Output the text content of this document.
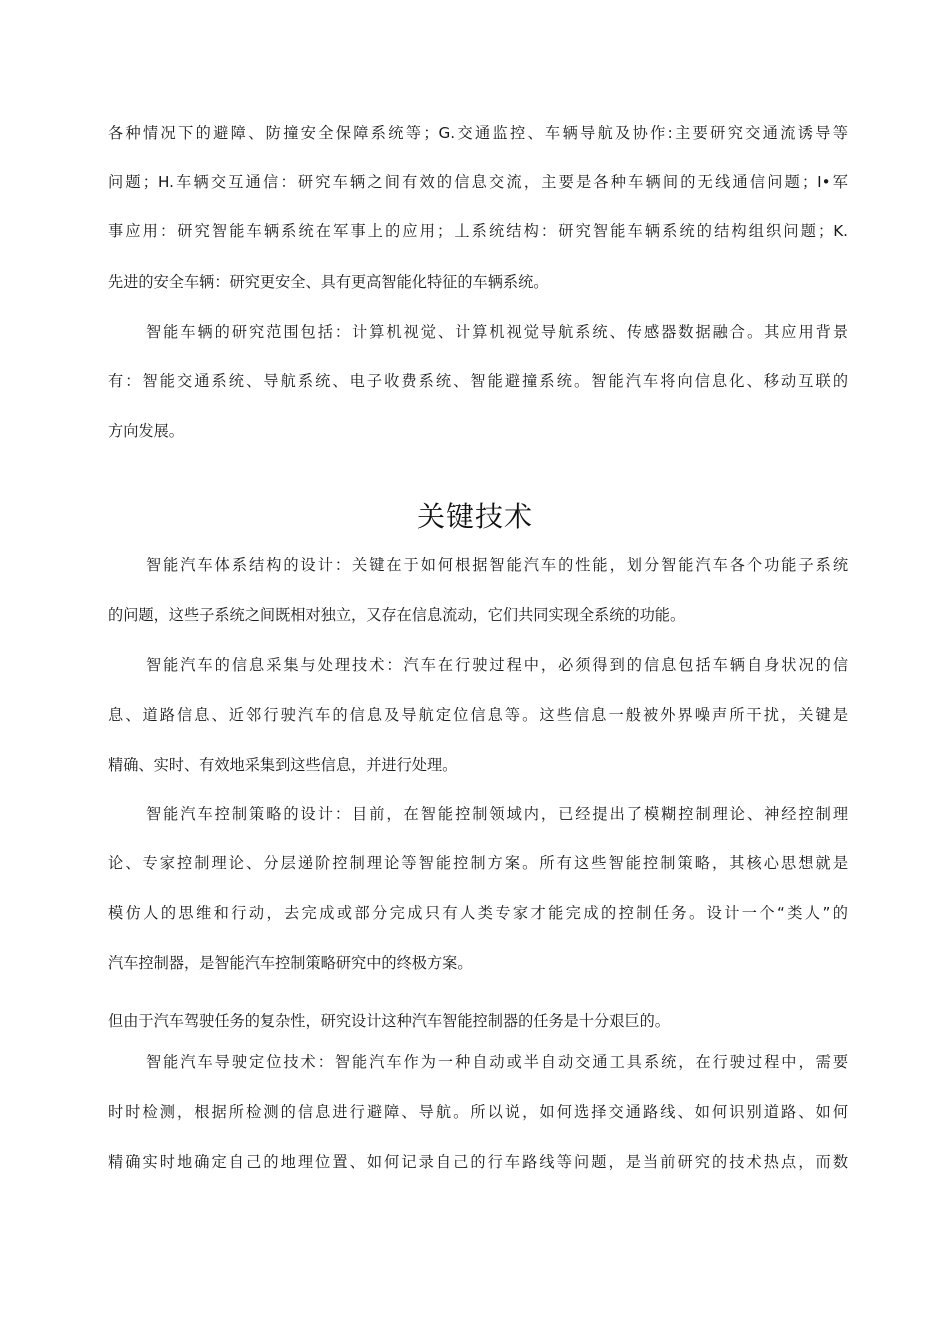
各种情况下的避障、防撞安全保障系统等；G.交通监控、车辆导航及协作:主要研究交通流诱导等
问题；H.车辆交互通信：研究车辆之间有效的信息交流，主要是各种车辆间的无线通信问题；I•军
事应用：研究智能车辆系统在军事上的应用；丄系统结构：研究智能车辆系统的结构组织问题；K.
先进的安全车辆：研究更安全、具有更高智能化特征的车辆系统。
智能车辆的研究范围包括：计算机视觉、计算机视觉导航系统、传感器数据融合。其应用背景
有：智能交通系统、导航系统、电子收费系统、智能避撞系统。智能汽车将向信息化、移动互联的
方向发展。
关键技术
智能汽车体系结构的设计：关键在于如何根据智能汽车的性能，划分智能汽车各个功能子系统
的问题，这些子系统之间既相对独立，又存在信息流动，它们共同实现全系统的功能。
智能汽车的信息采集与处理技术：汽车在行驶过程中，必须得到的信息包括车辆自身状况的信
息、道路信息、近邻行驶汽车的信息及导航定位信息等。这些信息一般被外界噪声所干扰，关键是
精确、实时、有效地采集到这些信息，并进行处理。
智能汽车控制策略的设计：目前，在智能控制领域内，已经提出了模糊控制理论、神经控制理
论、专家控制理论、分层递阶控制理论等智能控制方案。所有这些智能控制策略，其核心思想就是
模仿人的思维和行动，去完成或部分完成只有人类专家才能完成的控制任务。设计一个“类人”的
汽车控制器，是智能汽车控制策略研究中的终极方案。
但由于汽车驾驶任务的复杂性，研究设计这种汽车智能控制器的任务是十分艰巨的。
智能汽车导驶定位技术：智能汽车作为一种自动或半自动交通工具系统，在行驶过程中，需要
时时检测，根据所检测的信息进行避障、导航。所以说，如何选择交通路线、如何识别道路、如何
精确实时地确定自己的地理位置、如何记录自己的行车路线等问题，是当前研究的技术热点，而数
